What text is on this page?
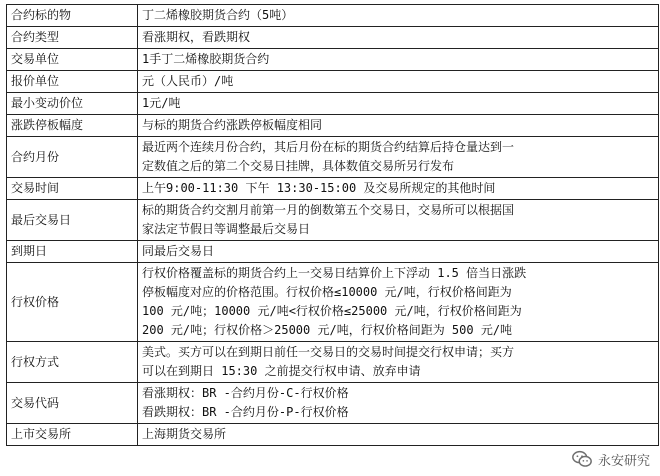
合约标的物	丁二烯橡胶期货合约（5吨）

合约类型	看涨期权，看跌期权

交易单位	1手丁二烯橡胶期货合约

报价单位	元（人民币）/吨

最小变动价位	1元/吨

涨跌停板幅度	与标的期货合约涨跌停板幅度相同

合约月份	最近两个连续月份合约，其后月份在标的期货合约结算后持仓量达到一
定数值之后的第二个交易日挂牌，具体数值交易所另行发布

交易时间	上午9:00-11:30 下午 13:30-15:00 及交易所规定的其他时间

最后交易日	标的期货合约交割月前第一月的倒数第五个交易日，交易所可以根据国
家法定节假日等调整最后交易日

到期日	同最后交易日

行权价格	行权价格覆盖标的期货合约上一交易日结算价上下浮动 1.5 倍当日涨跌
停板幅度对应的价格范围。行权价格≤10000 元/吨，行权价格间距为
100 元/吨；10000 元/吨<行权价格≤25000 元/吨，行权价格间距为
200 元/吨；行权价格＞25000 元/吨，行权价格间距为 500 元/吨

行权方式	美式。买方可以在到期日前任一交易日的交易时间提交行权申请；买方
可以在到期日 15:30 之前提交行权申请、放弃申请

交易代码	看涨期权：BR -合约月份-C-行权价格
看跌期权：BR -合约月份-P-行权价格

上市交易所	上海期货交易所
永安研究
